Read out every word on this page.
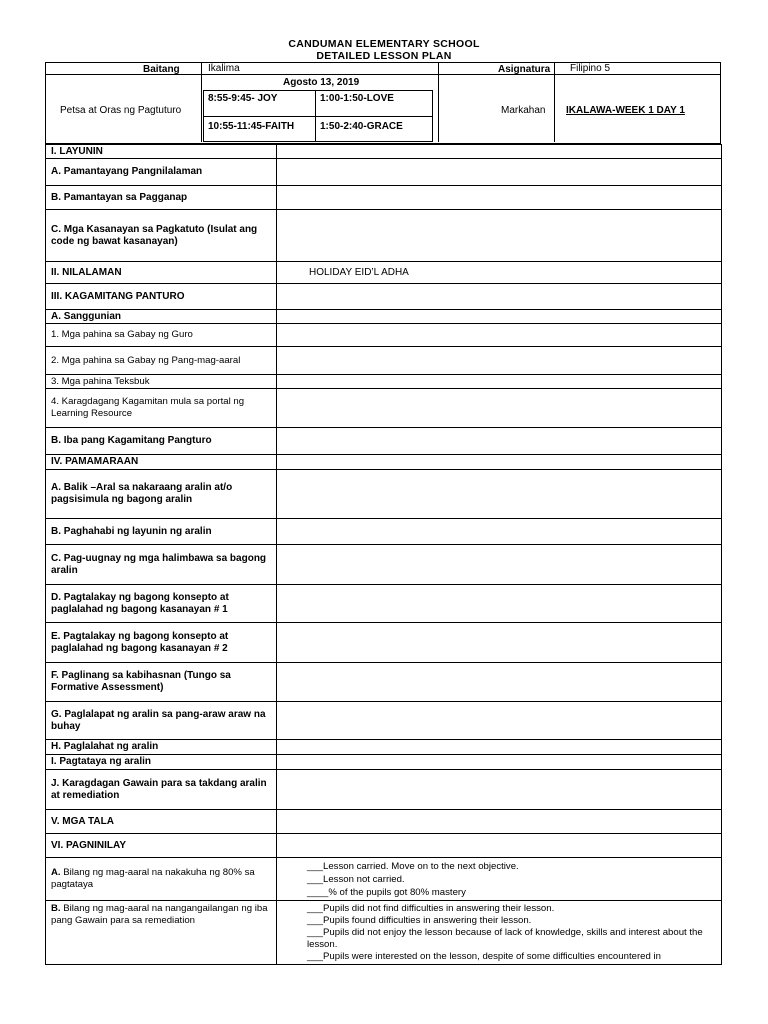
CANDUMAN ELEMENTARY SCHOOL
DETAILED LESSON PLAN
Baitang	Ikalima	Asignatura Filipino 5
Petsa at Oras ng Pagtuturo
Agosto 13, 2019
8:55-9:45- JOY	1:00-1:50-LOVE
10:55-11:45-FAITH	1:50-2:40-GRACE
Markahan IKALAWA-WEEK 1 DAY 1
I. LAYUNIN	
A. Pamantayang Pangnilalaman	
B. Pamantayan sa Pagganap	
C. Mga Kasanayan sa Pagkatuto (Isulat ang code ng bawat kasanayan)	
II. NILALAMAN	HOLIDAY EID’L ADHA
III. KAGAMITANG PANTURO	
A. Sanggunian	
1. Mga pahina sa Gabay ng Guro	
2. Mga pahina sa Gabay ng Pang-mag-aaral	
3. Mga pahina Teksbuk	
4. Karagdagang Kagamitan mula sa portal ng Learning Resource	
B. Iba pang Kagamitang Pangturo	
IV. PAMAMARAAN	
A. Balik –Aral sa nakaraang aralin at/o pagsisimula ng bagong aralin	
B. Paghahabi ng layunin ng aralin	
C. Pag-uugnay ng mga halimbawa sa bagong aralin	
D. Pagtalakay ng bagong konsepto at paglalahad ng bagong kasanayan # 1	
E. Pagtalakay ng bagong konsepto at paglalahad ng bagong kasanayan # 2	
F. Paglinang sa kabihasnan (Tungo sa Formative Assessment)	
G. Paglalapat ng aralin sa pang-araw araw na buhay	
H. Paglalahat ng aralin	
I. Pagtataya ng aralin	
J. Karagdagan Gawain para sa takdang aralin at remediation	
V. MGA TALA	
VI. PAGNINILAY	
A. Bilang ng mag-aaral na nakakuha ng 80% sa pagtataya	___Lesson carried. Move on to the next objective.
___Lesson not carried.
____% of the pupils got 80% mastery

B. Bilang ng mag-aaral na nangangailangan ng iba pang Gawain para sa remediation	___Pupils did not find difficulties in answering their lesson.
___Pupils found difficulties in answering their lesson.
___Pupils did not enjoy the lesson because of lack of knowledge, skills and interest about the lesson.
___Pupils were interested on the lesson, despite of some difficulties encountered in
